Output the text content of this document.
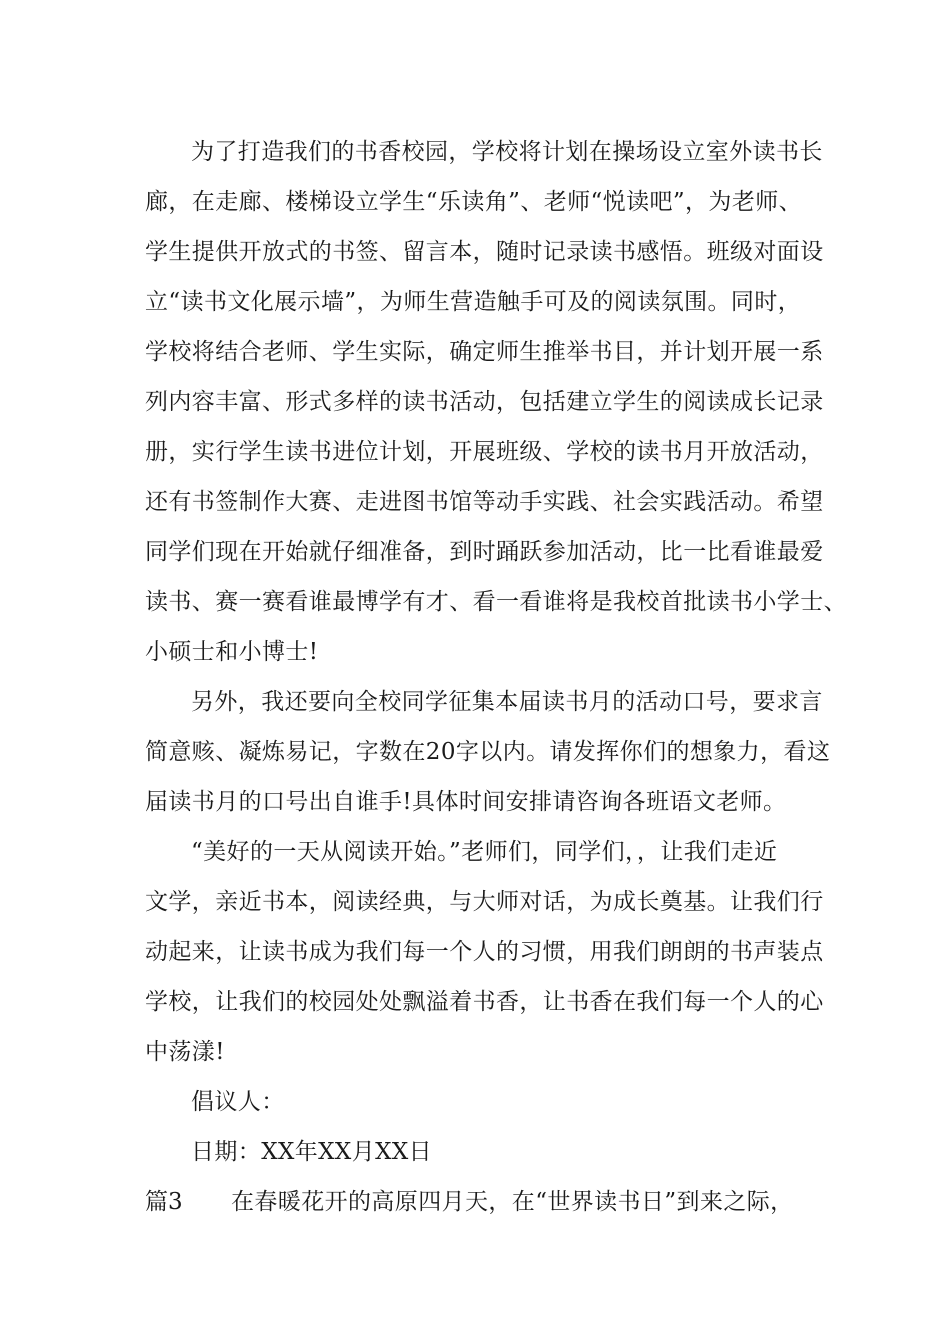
为了打造我们的书香校园，学校将计划在操场设立室外读书长
廊，在走廊、楼梯设立学生“乐读角”、老师“悦读吧”，为老师、
学生提供开放式的书签、留言本，随时记录读书感悟。班级对面设
立“读书文化展示墙”，为师生营造触手可及的阅读氛围。同时，
学校将结合老师、学生实际，确定师生推举书目，并计划开展一系
列内容丰富、形式多样的读书活动，包括建立学生的阅读成长记录
册，实行学生读书进位计划，开展班级、学校的读书月开放活动，
还有书签制作大赛、走进图书馆等动手实践、社会实践活动。希望
同学们现在开始就仔细准备，到时踊跃参加活动，比一比看谁最爱
读书、赛一赛看谁最博学有才、看一看谁将是我校首批读书小学士、
小硕士和小博士!
另外，我还要向全校同学征集本届读书月的活动口号，要求言
简意赅、凝炼易记，字数在20字以内。请发挥你们的想象力，看这
届读书月的口号出自谁手!具体时间安排请咨询各班语文老师。
“美好的一天从阅读开始。”老师们，同学们，，让我们走近
文学，亲近书本，阅读经典，与大师对话，为成长奠基。让我们行
动起来，让读书成为我们每一个人的习惯，用我们朗朗的书声装点
学校，让我们的校园处处飘溢着书香，让书香在我们每一个人的心
中荡漾!
倡议人：
日期：XX年XX月XX日
篇3 在春暖花开的高原四月天，在“世界读书日”到来之际，
